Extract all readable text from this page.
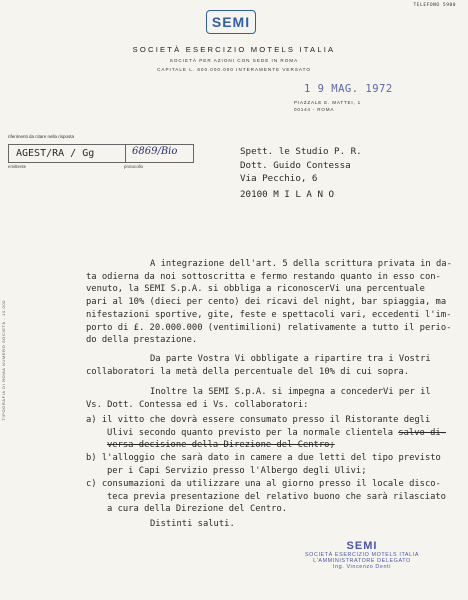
TELEFONO 5900
SEMI
SOCIETÀ ESERCIZIO MOTELS ITALIA
SOCIETÀ PER AZIONI CON SEDE IN ROMA
CAPITALE L. 600.000.000 INTERAMENTE VERSATO
1 9 MAG. 1972
PIAZZALE E. MATTEI, 1
00144 - ROMA
riferimenti da citare nella risposta
AGEST/RA / Gg	6869/Bio
emittente	protocollo
Spett. le Studio P. R.
Dott. Guido Contessa
Via Pecchio, 6
20100 M I L A N O
TIPOGRAFIA DI ROMA NUMERO SOCIETÀ - 10.000
A integrazione dell'art. 5 della scrittura privata in da-
ta odierna da noi sottoscritta e fermo restando quanto in esso con-
venuto, la SEMI S.p.A. si obbliga a riconoscerVi una percentuale
pari al 10% (dieci per cento) dei ricavi del night, bar spiaggia, ma
nifestazioni sportive, gite, feste e spettacoli vari, eccedenti l'im-
porto di £. 20.000.000 (ventimilioni) relativamente a tutto il perio-
do della prestazione.
Da parte Vostra Vi obbligate a ripartire tra i Vostri
collaboratori la metà della percentuale del 10% di cui sopra.
Inoltre la SEMI S.p.A. si impegna a concederVi per il
Vs. Dott. Contessa ed i Vs. collaboratori:
a) il vitto che dovrà essere consumato presso il Ristorante degli
Ulivi secondo quanto previsto per la normale clientela salvo di-
versa decisione della Direzione del Centro;
b) l'alloggio che sarà dato in camere a due letti del tipo previsto
per i Capi Servizio presso l'Albergo degli Ulivi;
c) consumazioni da utilizzare una al giorno presso il locale disco-
teca previa presentazione del relativo buono che sarà rilasciato
a cura della Direzione del Centro.
Distinti saluti.
SEMI
SOCIETÀ ESERCIZIO MOTELS ITALIA
L'AMMINISTRATORE DELEGATO
Ing. Vincenzo Denti
